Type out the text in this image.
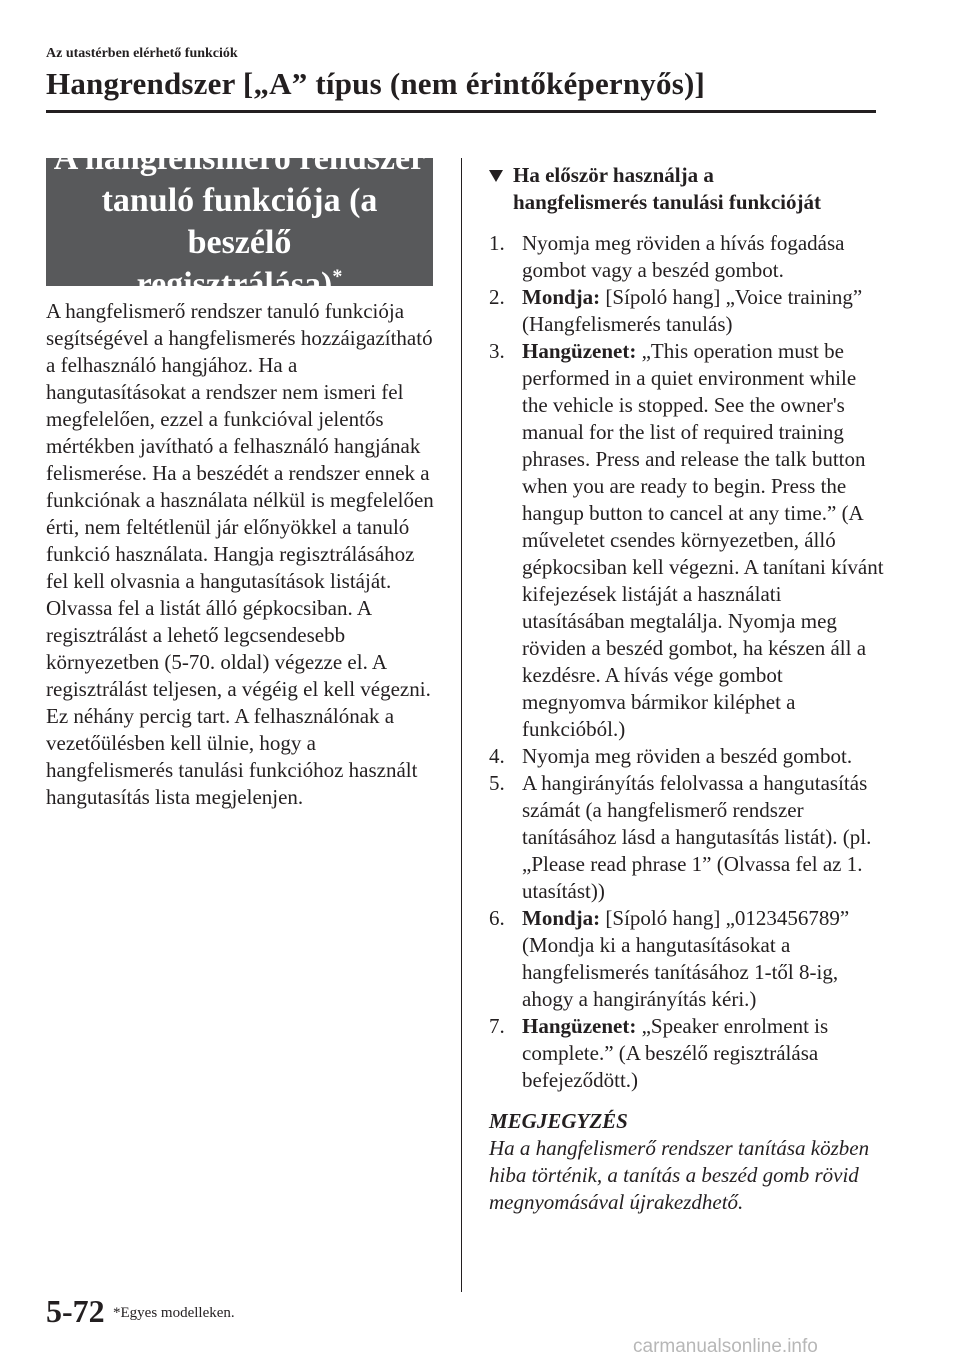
Az utastérben elérhető funkciók
Hangrendszer [„A” típus (nem érintőképernyős)]
A hangfelismerő rendszer
tanuló funkciója (a beszélő
regisztrálása)*

A hangfelismerő rendszer tanuló funkciója segítségével a hangfelismerés hozzáigazítható a felhasználó hangjához. Ha a hangutasításokat a rendszer nem ismeri fel megfelelően, ezzel a funkcióval jelentős mértékben javítható a felhasználó hangjának felismerése. Ha a beszédét a rendszer ennek a funkciónak a használata nélkül is megfelelően érti, nem feltétlenül jár előnyökkel a tanuló funkció használata. Hangja regisztrálásához fel kell olvasnia a hangutasítások listáját. Olvassa fel a listát álló gépkocsiban. A regisztrálást a lehető legcsendesebb környezetben (5-70. oldal) végezze el. A regisztrálást teljesen, a végéig el kell végezni. Ez néhány percig tart. A felhasználónak a vezetőülésben kell ülnie, hogy a hangfelismerés tanulási funkcióhoz használt hangutasítás lista megjelenjen.

Ha először használja a
hangfelismerés tanulási funkcióját
1. Nyomja meg röviden a hívás fogadása gombot vagy a beszéd gombot.
2. Mondja: [Sípoló hang] „Voice training” (Hangfelismerés tanulás)
3. Hangüzenet: „This operation must be performed in a quiet environment while the vehicle is stopped. See the owner's manual for the list of required training phrases. Press and release the talk button when you are ready to begin. Press the hangup button to cancel at any time.” (A műveletet csendes környezetben, álló gépkocsiban kell végezni. A tanítani kívánt kifejezések listáját a használati utasításában megtalálja. Nyomja meg röviden a beszéd gombot, ha készen áll a kezdésre. A hívás vége gombot megnyomva bármikor kiléphet a funkcióból.)
4. Nyomja meg röviden a beszéd gombot.
5. A hangirányítás felolvassa a hangutasítás számát (a hangfelismerő rendszer tanításához lásd a hangutasítás listát). (pl. „Please read phrase 1” (Olvassa fel az 1. utasítást))
6. Mondja: [Sípoló hang] „0123456789” (Mondja ki a hangutasításokat a hangfelismerés tanításához 1-től 8-ig, ahogy a hangirányítás kéri.)
7. Hangüzenet: „Speaker enrolment is complete.” (A beszélő regisztrálása befejeződött.)
MEGJEGYZÉS
Ha a hangfelismerő rendszer tanítása közben hiba történik, a tanítás a beszéd gomb rövid megnyomásával újrakezdhető.
5-72 *Egyes modelleken.
carmanualsonline.info
